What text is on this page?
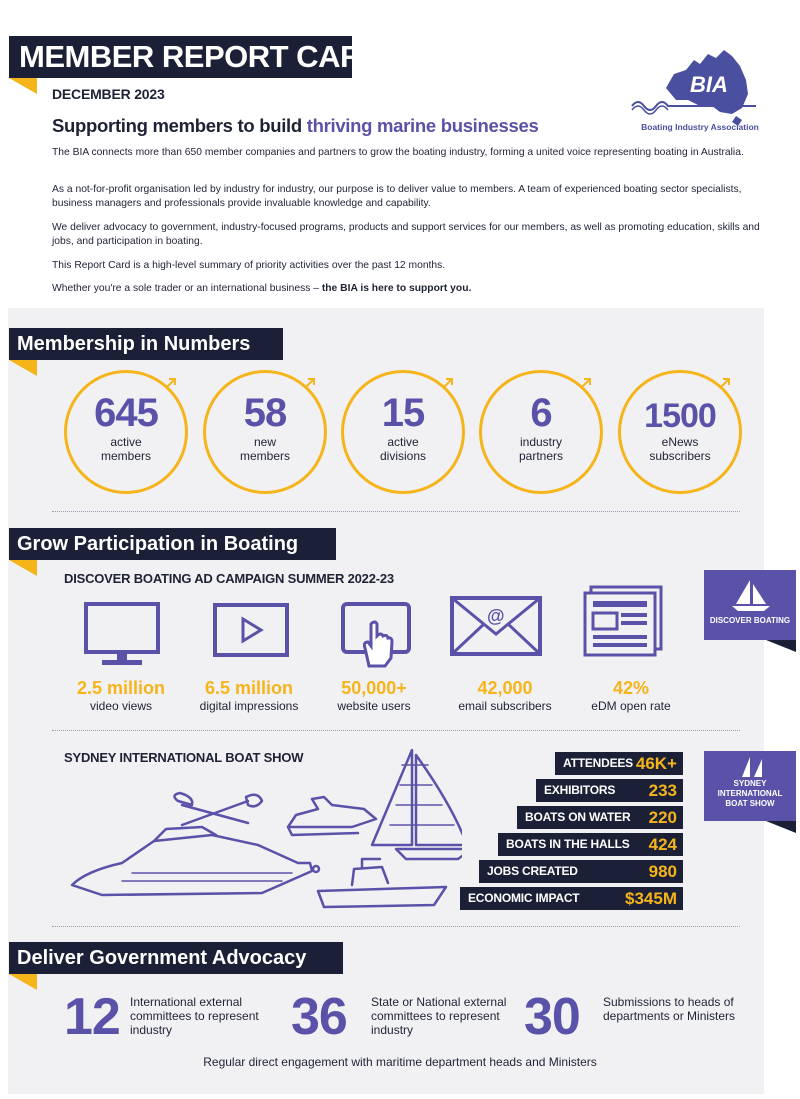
MEMBER REPORT CARD
DECEMBER 2023
Supporting members to build thriving marine businesses
BIA
Boating Industry Association
The BIA connects more than 650 member companies and partners to grow the boating industry, forming a united voice representing boating in Australia.
As a not-for-profit organisation led by industry for industry, our purpose is to deliver value to members. A team of experienced boating sector specialists, business managers and professionals provide invaluable knowledge and capability.
We deliver advocacy to government, industry-focused programs, products and support services for our members, as well as promoting education, skills and jobs, and participation in boating.
This Report Card is a high-level summary of priority activities over the past 12 months.
Whether you're a sole trader or an international business – the BIA is here to support you.
Membership in Numbers
645
active
members
58
new
members
15
active
divisions
6
industry
partners
1500
eNews
subscribers
Grow Participation in Boating
DISCOVER BOATING AD CAMPAIGN SUMMER 2022-23
DISCOVER BOATING
@
2.5 million
video views
6.5 million
digital impressions
50,000+
website users
42,000
email subscribers
42%
eDM open rate
SYDNEY INTERNATIONAL BOAT SHOW
SYDNEY
INTERNATIONAL
BOAT SHOW
ATTENDEES 46K+
EXHIBITORS 233
BOATS ON WATER 220
BOATS IN THE HALLS 424
JOBS CREATED	980
ECONOMIC IMPACT	$345M
Deliver Government Advocacy
12 International external committees to represent industry	36 State or National external committees to represent industry	30 Submissions to heads of departments or Ministers
Regular direct engagement with maritime department heads and Ministers
